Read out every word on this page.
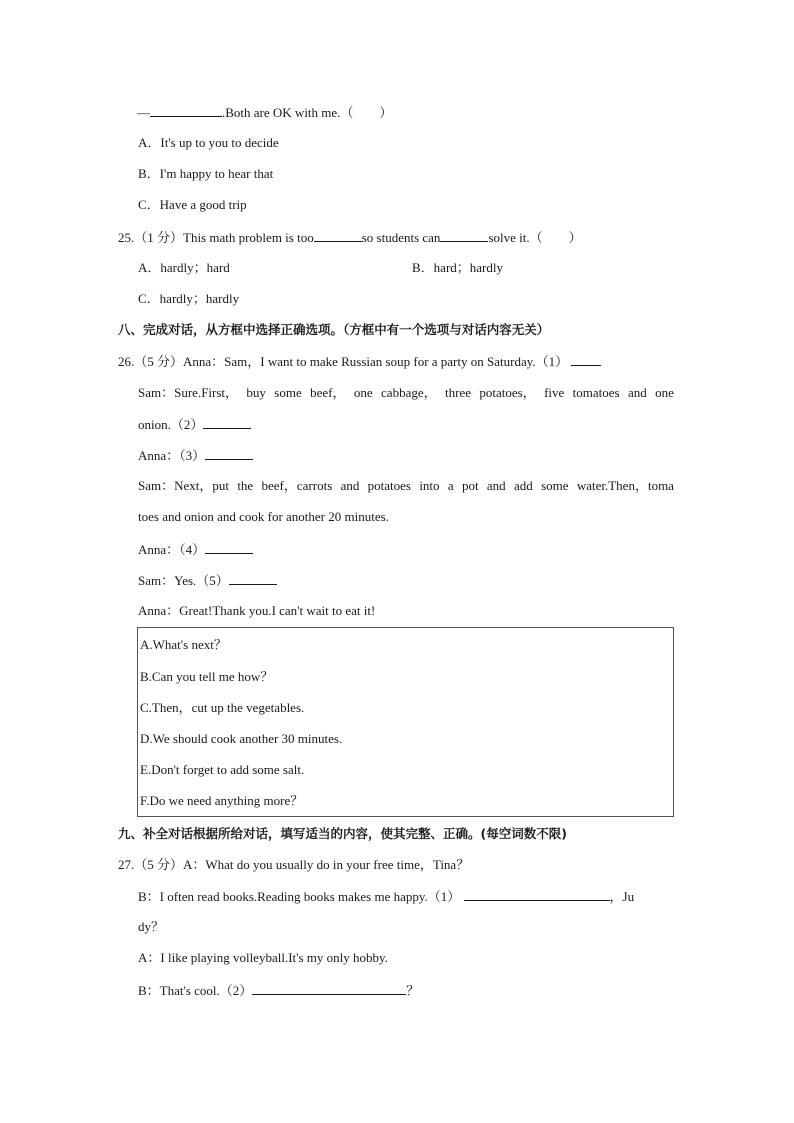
—	.Both are OK with me.（　　）
A．It's up to you to decide
B．I'm happy to hear that
C．Have a good trip
25.（1 分）This math problem is too	so students can	solve it.（　　）
A．hardly；hard	B．hard；hardly
C．hardly；hardly
八、完成对话，从方框中选择正确选项。（方框中有一个选项与对话内容无关）
26.（5 分）Anna：Sam，I want to make Russian soup for a party on Saturday.（1）
Sam：Sure.First， buy some beef， one cabbage， three potatoes， five tomatoes and one
onion.（2）
Anna：（3）
Sam：Next，put the beef，carrots and potatoes into a pot and add some water.Then，toma
toes and onion and cook for another 20 minutes.
Anna：（4）
Sam：Yes.（5）
Anna：Great!Thank you.I can't wait to eat it!
A.What's next？
B.Can you tell me how？
C.Then，cut up the vegetables.
D.We should cook another 30 minutes.
E.Don't forget to add some salt.
F.Do we need anything more？
九、补全对话根据所给对话，填写适当的内容，使其完整、正确。(每空词数不限)
27.（5 分）A：What do you usually do in your free time，Tina？
B：I often read books.Reading books makes me happy.（1）	，Ju
dy？
A：I like playing volleyball.It's my only hobby.
B：That's cool.（2）	？
